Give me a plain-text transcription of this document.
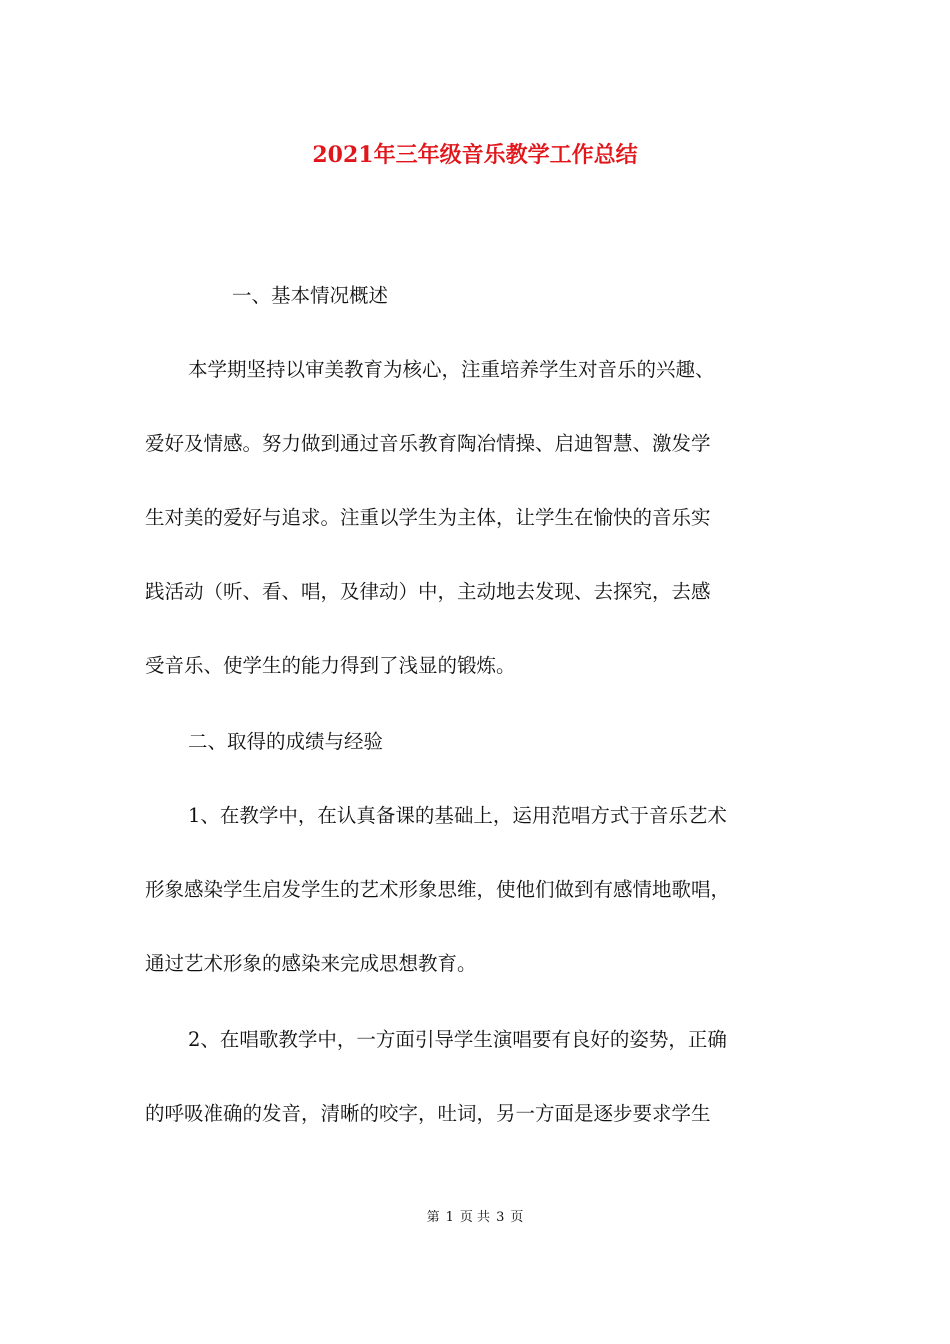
2021年三年级音乐教学工作总结
一、基本情况概述
本学期坚持以审美教育为核心，注重培养学生对音乐的兴趣、
爱好及情感。努力做到通过音乐教育陶冶情操、启迪智慧、激发学
生对美的爱好与追求。注重以学生为主体，让学生在愉快的音乐实
践活动（听、看、唱，及律动）中，主动地去发现、去探究，去感
受音乐、使学生的能力得到了浅显的锻炼。
二、取得的成绩与经验
1、在教学中，在认真备课的基础上，运用范唱方式于音乐艺术
形象感染学生启发学生的艺术形象思维，使他们做到有感情地歌唱，
通过艺术形象的感染来完成思想教育。
2、在唱歌教学中，一方面引导学生演唱要有良好的姿势，正确
的呼吸准确的发音，清晰的咬字，吐词，另一方面是逐步要求学生
第 1 页 共 3 页
